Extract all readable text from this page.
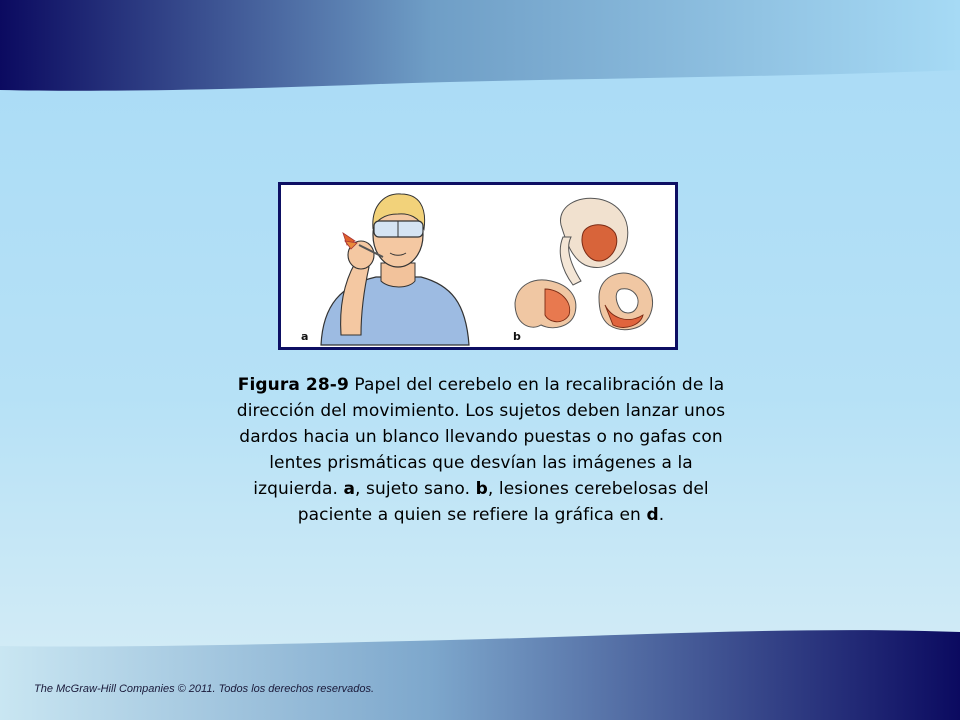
a	b
Figura 28-9 Papel del cerebelo en la recalibración de la dirección del movimiento. Los sujetos deben lanzar unos dardos hacia un blanco llevando puestas o no gafas con lentes prismáticas que desvían las imágenes a la izquierda. a, sujeto sano. b, lesiones cerebelosas del paciente a quien se refiere la gráfica en d.
The McGraw-Hill Companies © 2011. Todos los derechos reservados.
